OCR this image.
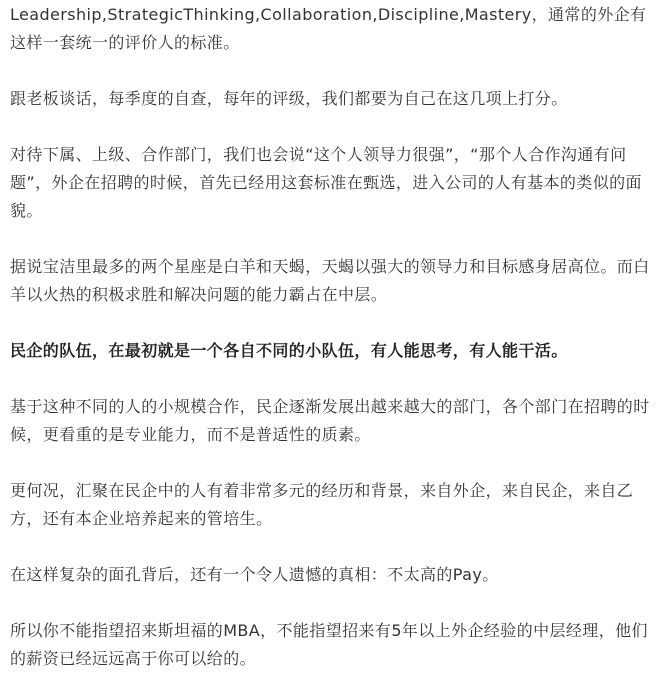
Leadership,StrategicThinking,Collaboration,Discipline,Mastery，通常的外企有这样一套统一的评价人的标准。

跟老板谈话，每季度的自查，每年的评级，我们都要为自己在这几项上打分。

对待下属、上级、合作部门，我们也会说“这个人领导力很强”，“那个人合作沟通有问题”，外企在招聘的时候，首先已经用这套标准在甄选，进入公司的人有基本的类似的面貌。

据说宝洁里最多的两个星座是白羊和天蝎，天蝎以强大的领导力和目标感身居高位。而白羊以火热的积极求胜和解决问题的能力霸占在中层。

民企的队伍，在最初就是一个各自不同的小队伍，有人能思考，有人能干活。

基于这种不同的人的小规模合作，民企逐渐发展出越来越大的部门，各个部门在招聘的时候，更看重的是专业能力，而不是普适性的质素。

更何况，汇聚在民企中的人有着非常多元的经历和背景，来自外企，来自民企，来自乙方，还有本企业培养起来的管培生。

在这样复杂的面孔背后，还有一个令人遗憾的真相：不太高的Pay。

所以你不能指望招来斯坦福的MBA，不能指望招来有5年以上外企经验的中层经理，他们的薪资已经远远高于你可以给的。
